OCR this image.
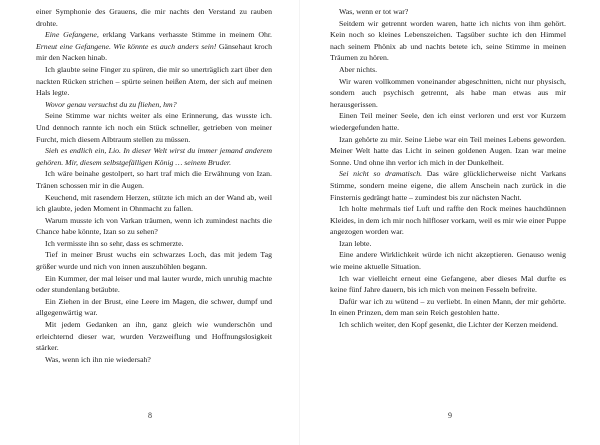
einer Symphonie des Grauens, die mir nachts den Verstand zu rauben drohte.

Eine Gefangene, erklang Varkans verhasste Stimme in meinem Ohr. Erneut eine Gefangene. Wie könnte es auch anders sein! Gänsehaut kroch mir den Nacken hinab.

Ich glaubte seine Finger zu spüren, die mir so unerträglich zart über den nackten Rücken strichen – spürte seinen heißen Atem, der sich auf meinen Hals legte.

Wovor genau versuchst du zu fliehen, hm?

Seine Stimme war nichts weiter als eine Erinnerung, das wusste ich. Und dennoch rannte ich noch ein Stück schneller, getrieben von meiner Furcht, mich diesem Albtraum stellen zu müssen.

Sieh es endlich ein, Lio. In dieser Welt wirst du immer jemand anderem gehören. Mir, diesem selbstgefälligen König … seinem Bruder.

Ich wäre beinahe gestolpert, so hart traf mich die Erwähnung von Izan. Tränen schossen mir in die Augen.

Keuchend, mit rasendem Herzen, stützte ich mich an der Wand ab, weil ich glaubte, jeden Moment in Ohnmacht zu fallen.

Warum musste ich von Varkan träumen, wenn ich zumindest nachts die Chance habe könnte, Izan so zu sehen?

Ich vermisste ihn so sehr, dass es schmerzte.

Tief in meiner Brust wuchs ein schwarzes Loch, das mit jedem Tag größer wurde und nich von innen auszuhöhlen begann.

Ein Kummer, der mal leiser und mal lauter wurde, mich unruhig machte oder stundenlang betäubte.

Ein Ziehen in der Brust, eine Leere im Magen, die schwer, dumpf und allgegenwärtig war.

Mit jedem Gedanken an ihn, ganz gleich wie wunderschön und erleichternd dieser war, wurden Verzweiflung und Hoffnungslosigkeit stärker.

Was, wenn ich ihn nie wiedersah?

8

Was, wenn er tot war?

Seitdem wir getrennt worden waren, hatte ich nichts von ihm gehört. Kein noch so kleines Lebenszeichen. Tagsüber suchte ich den Himmel nach seinem Phönix ab und nachts betete ich, seine Stimme in meinen Träumen zu hören.

Aber nichts.

Wir waren vollkommen voneinander abgeschnitten, nicht nur physisch, sondern auch psychisch getrennt, als habe man etwas aus mir herausgerissen.

Einen Teil meiner Seele, den ich einst verloren und erst vor Kurzem wiedergefunden hatte.

Izan gehörte zu mir. Seine Liebe war ein Teil meines Lebens geworden. Meiner Welt hatte das Licht in seinen goldenen Augen. Izan war meine Sonne. Und ohne ihn verlor ich mich in der Dunkelheit.

Sei nicht so dramatisch. Das wäre glücklicherweise nicht Varkans Stimme, sondern meine eigene, die allem Anschein nach zurück in die Finsternis gedrängt hatte – zumindest bis zur nächsten Nacht.

Ich holte mehrmals tief Luft und raffte den Rock meines hauchdünnen Kleides, in dem ich mir noch hilfloser vorkam, weil es mir wie einer Puppe angezogen worden war.

Izan lebte.

Eine andere Wirklichkeit würde ich nicht akzeptieren. Genauso wenig wie meine aktuelle Situation.

Ich war vielleicht erneut eine Gefangene, aber dieses Mal durfte es keine fünf Jahre dauern, bis ich mich von meinen Fesseln befreite.

Dafür war ich zu wütend – zu verliebt. In einen Mann, der mir gehörte. In einen Prinzen, dem man sein Reich gestohlen hatte.

Ich schlich weiter, den Kopf gesenkt, die Lichter der Kerzen meidend.

9
